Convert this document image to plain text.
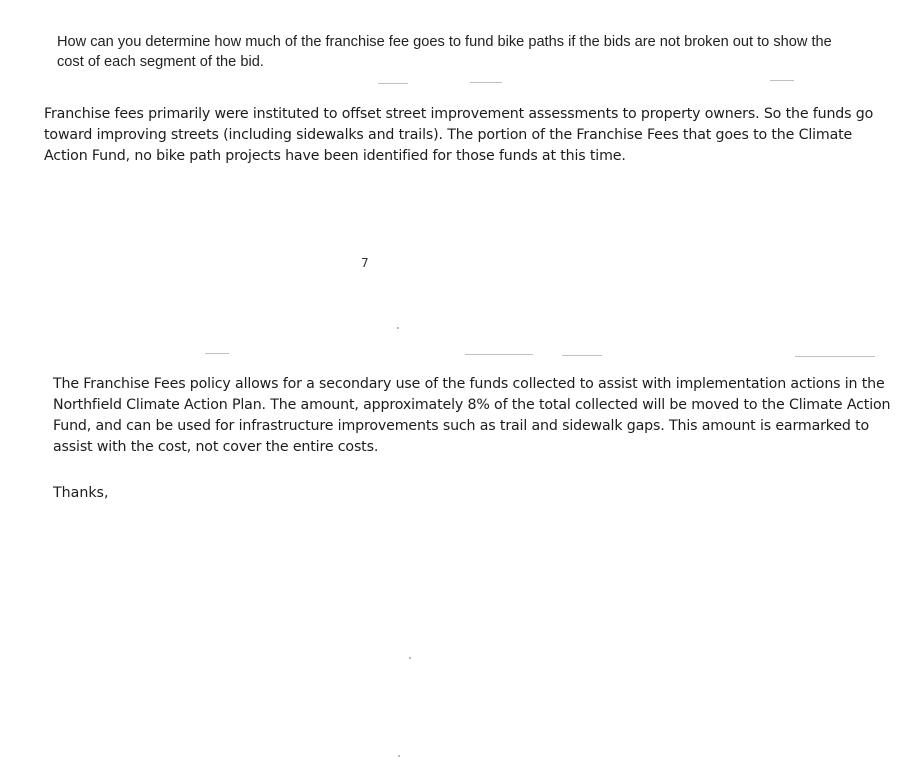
How can you determine how much of the franchise fee goes to fund bike paths if the bids are not broken out to show the cost of each segment of the bid.

Franchise fees primarily were instituted to offset street improvement assessments to property owners. So the funds go toward improving streets (including sidewalks and trails). The portion of the Franchise Fees that goes to the Climate Action Fund, no bike path projects have been identified for those funds at this time.

7

The Franchise Fees policy allows for a secondary use of the funds collected to assist with implementation actions in the Northfield Climate Action Plan. The amount, approximately 8% of the total collected will be moved to the Climate Action Fund, and can be used for infrastructure improvements such as trail and sidewalk gaps. This amount is earmarked to assist with the cost, not cover the entire costs.

Thanks,
